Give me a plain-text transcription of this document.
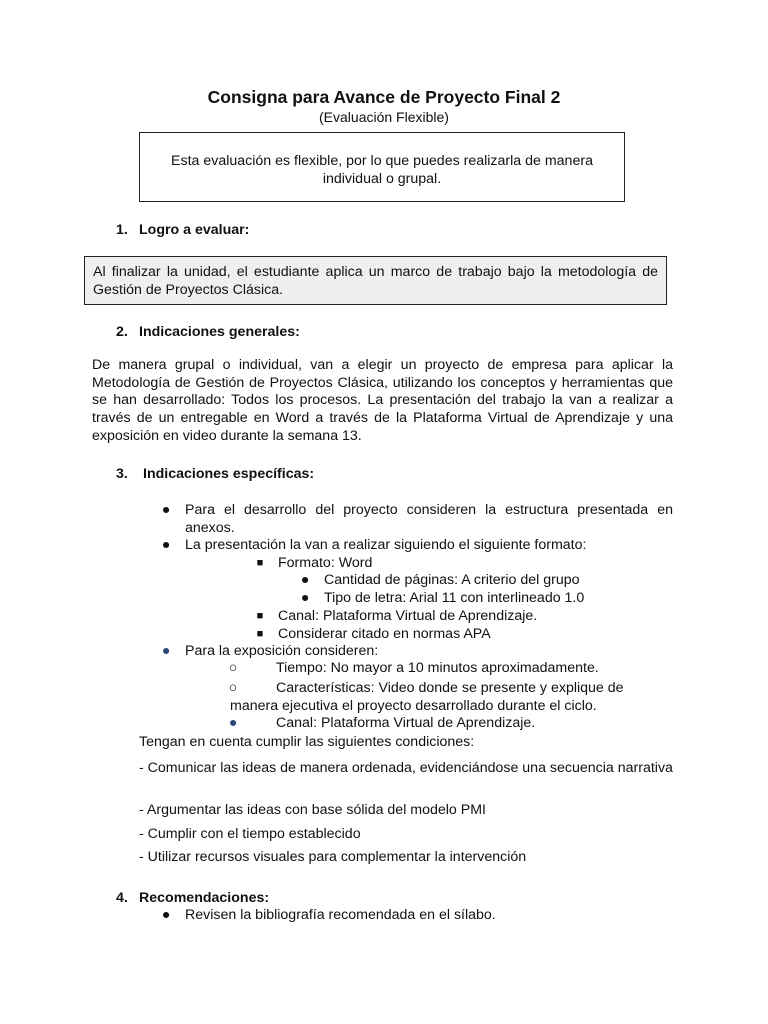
Consigna para Avance de Proyecto Final 2
(Evaluación Flexible)

Esta evaluación es flexible, por lo que puedes realizarla de manera individual o grupal.

1. Logro a evaluar:

Al finalizar la unidad, el estudiante aplica un marco de trabajo bajo la metodología de Gestión de Proyectos Clásica.

2. Indicaciones generales:

De manera grupal o individual, van a elegir un proyecto de empresa para aplicar la Metodología de Gestión de Proyectos Clásica, utilizando los conceptos y herramientas que se han desarrollado: Todos los procesos. La presentación del trabajo la van a realizar a través de un entregable en Word a través de la Plataforma Virtual de Aprendizaje y una exposición en video durante la semana 13.

3.	Indicaciones específicas:
● Para el desarrollo del proyecto consideren la estructura presentada en anexos.

● La presentación la van a realizar siguiendo el siguiente formato:
■ Formato: Word
● Cantidad de páginas: A criterio del grupo
● Tipo de letra: Arial 11 con interlineado 1.0
■ Canal: Plataforma Virtual de Aprendizaje.
■ Considerar citado en normas APA
● Para la exposición consideren:
○	Tiempo: No mayor a 10 minutos aproximadamente.
○	Características: Video donde se presente y explique de manera ejecutiva el proyecto desarrollado durante el ciclo.

●	Canal: Plataforma Virtual de Aprendizaje.
Tengan en cuenta cumplir las siguientes condiciones:

- Comunicar las ideas de manera ordenada, evidenciándose una secuencia narrativa

- Argumentar las ideas con base sólida del modelo PMI
- Cumplir con el tiempo establecido
- Utilizar recursos visuales para complementar la intervención
4. Recomendaciones:
● Revisen la bibliografía recomendada en el sílabo.
